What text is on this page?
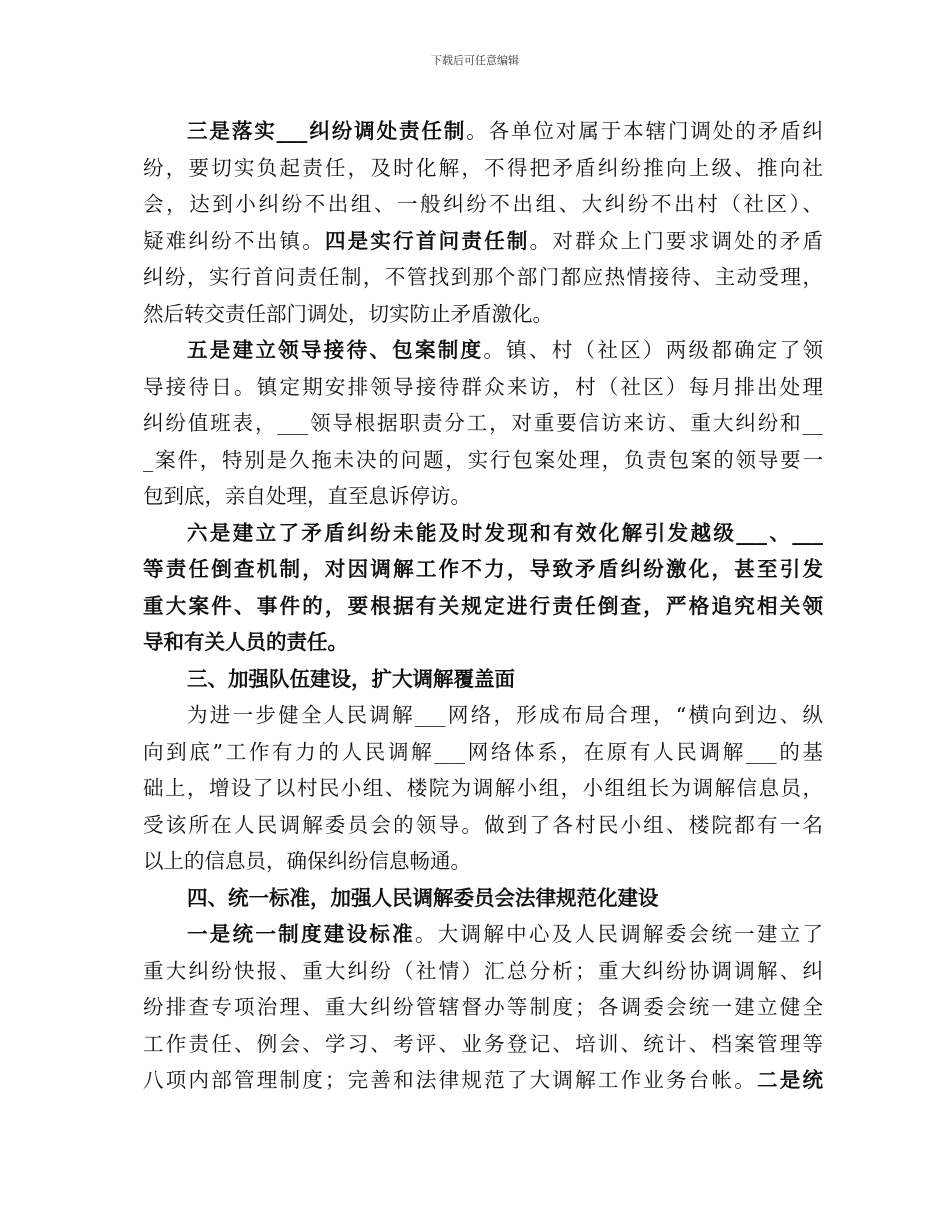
下载后可任意编辑
三是落实___纠纷调处责任制。各单位对属于本辖门调处的矛盾纠
纷，要切实负起责任，及时化解，不得把矛盾纠纷推向上级、推向社
会，达到小纠纷不出组、一般纠纷不出组、大纠纷不出村（社区）、
疑难纠纷不出镇。四是实行首问责任制。对群众上门要求调处的矛盾
纠纷，实行首问责任制，不管找到那个部门都应热情接待、主动受理，
然后转交责任部门调处，切实防止矛盾激化。
五是建立领导接待、包案制度。镇、村（社区）两级都确定了领
导接待日。镇定期安排领导接待群众来访，村（社区）每月排出处理
纠纷值班表，___领导根据职责分工，对重要信访来访、重大纠纷和__
_案件，特别是久拖未决的问题，实行包案处理，负责包案的领导要一
包到底，亲自处理，直至息诉停访。
六是建立了矛盾纠纷未能及时发现和有效化解引发越级___、___
等责任倒查机制，对因调解工作不力，导致矛盾纠纷激化，甚至引发
重大案件、事件的，要根据有关规定进行责任倒查，严格追究相关领
导和有关人员的责任。
三、加强队伍建设，扩大调解覆盖面
为进一步健全人民调解___网络，形成布局合理，“横向到边、纵
向到底”工作有力的人民调解___网络体系，在原有人民调解___的基
础上，增设了以村民小组、楼院为调解小组，小组组长为调解信息员，
受该所在人民调解委员会的领导。做到了各村民小组、楼院都有一名
以上的信息员，确保纠纷信息畅通。
四、统一标准，加强人民调解委员会法律规范化建设
一是统一制度建设标准。大调解中心及人民调解委会统一建立了
重大纠纷快报、重大纠纷（社情）汇总分析；重大纠纷协调调解、纠
纷排查专项治理、重大纠纷管辖督办等制度；各调委会统一建立健全
工作责任、例会、学习、考评、业务登记、培训、统计、档案管理等
八项内部管理制度；完善和法律规范了大调解工作业务台帐。二是统
